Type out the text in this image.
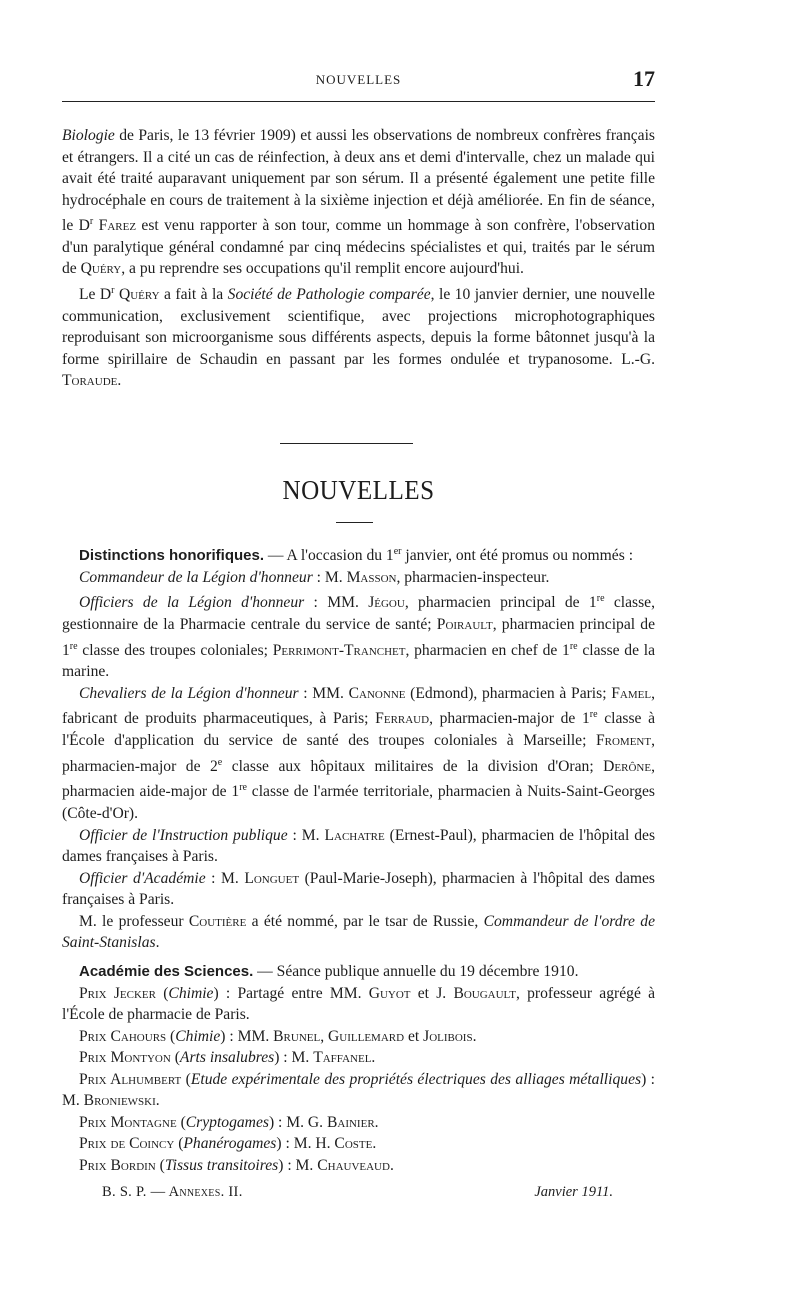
NOUVELLES	17

Biologie de Paris, le 13 février 1909) et aussi les observations de nombreux confrères français et étrangers. Il a cité un cas de réinfection, à deux ans et demi d'intervalle, chez un malade qui avait été traité auparavant uniquement par son sérum. Il a présenté également une petite fille hydrocéphale en cours de traitement à la sixième injection et déjà améliorée. En fin de séance, le $D^r$ Farez est venu rapporter à son tour, comme un hommage à son confrère, l'observation d'un paralytique général condamné par cinq médecins spécialistes et qui, traités par le sérum de Quéry, a pu reprendre ses occupations qu'il remplit encore aujourd'hui.

Le $D^r$ Quéry a fait à la Société de Pathologie comparée, le 10 janvier dernier, une nouvelle communication, exclusivement scientifique, avec projections microphotographiques reproduisant son microorganisme sous différents aspects, depuis la forme bâtonnet jusqu'à la forme spirillaire de Schaudin en passant par les formes ondulée et trypanosome. L.-G. Toraude.

NOUVELLES

Distinctions honorifiques. — A l'occasion du 1er janvier, ont été promus ou nommés :

Commandeur de la Légion d'honneur : M. Masson, pharmacien-inspecteur.

Officiers de la Légion d'honneur : MM. Jégou, pharmacien principal de 1re classe, gestionnaire de la Pharmacie centrale du service de santé; Poirault, pharmacien principal de 1re classe des troupes coloniales; Perrimont-Tranchet, pharmacien en chef de 1re classe de la marine.

Chevaliers de la Légion d'honneur : MM. Canonne (Edmond), pharmacien à Paris; Famel, fabricant de produits pharmaceutiques, à Paris; Ferraud, pharmacien-major de 1re classe à l'École d'application du service de santé des troupes coloniales à Marseille; Froment, pharmacien-major de 2e classe aux hôpitaux militaires de la division d'Oran; Derône, pharmacien aide-major de 1re classe de l'armée territoriale, pharmacien à Nuits-Saint-Georges (Côte-d'Or).

Officier de l'Instruction publique : M. Lachatre (Ernest-Paul), pharmacien de l'hôpital des dames françaises à Paris.

Officier d'Académie : M. Longuet (Paul-Marie-Joseph), pharmacien à l'hôpital des dames françaises à Paris.

M. le professeur Coutière a été nommé, par le tsar de Russie, Commandeur de l'ordre de Saint-Stanislas.

Académie des Sciences. — Séance publique annuelle du 19 décembre 1910.

Prix Jecker (Chimie) : Partagé entre MM. Guyot et J. Bougault, professeur agrégé à l'École de pharmacie de Paris.

Prix Cahours (Chimie) : MM. Brunel, Guillemard et Jolibois.

Prix Montyon (Arts insalubres) : M. Taffanel.

Prix Alhumbert (Etude expérimentale des propriétés électriques des alliages métalliques) : M. Broniewski.

Prix Montagne (Cryptogames) : M. G. Bainier.

Prix de Coincy (Phanérogames) : M. H. Coste.

Prix Bordin (Tissus transitoires) : M. Chauveaud.

B. S. P. — Annexes. II.	Janvier 1911.
